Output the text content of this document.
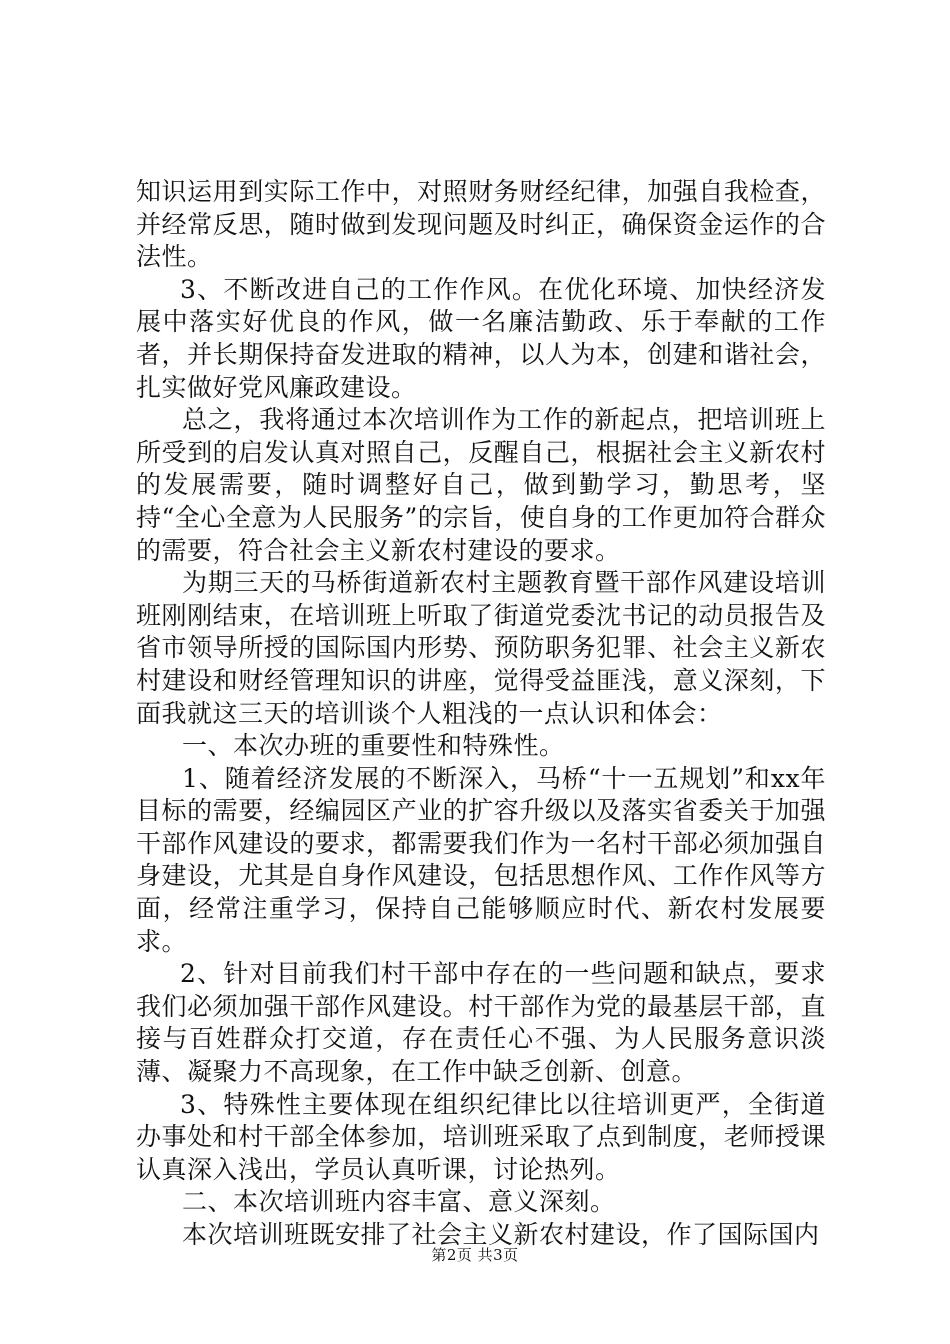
知识运用到实际工作中，对照财务财经纪律，加强自我检查，并经常反思，随时做到发现问题及时纠正，确保资金运作的合法性。

3、不断改进自己的工作作风。在优化环境、加快经济发展中落实好优良的作风，做一名廉洁勤政、乐于奉献的工作者，并长期保持奋发进取的精神，以人为本，创建和谐社会，扎实做好党风廉政建设。

总之，我将通过本次培训作为工作的新起点，把培训班上所受到的启发认真对照自己，反醒自己，根据社会主义新农村的发展需要，随时调整好自己，做到勤学习，勤思考，坚持“全心全意为人民服务”的宗旨，使自身的工作更加符合群众的需要，符合社会主义新农村建设的要求。

为期三天的马桥街道新农村主题教育暨干部作风建设培训班刚刚结束，在培训班上听取了街道党委沈书记的动员报告及省市领导所授的国际国内形势、预防职务犯罪、社会主义新农村建设和财经管理知识的讲座，觉得受益匪浅，意义深刻，下面我就这三天的培训谈个人粗浅的一点认识和体会：

一、本次办班的重要性和特殊性。

1、随着经济发展的不断深入，马桥“十一五规划”和xx年目标的需要，经编园区产业的扩容升级以及落实省委关于加强干部作风建设的要求，都需要我们作为一名村干部必须加强自身建设，尤其是自身作风建设，包括思想作风、工作作风等方面，经常注重学习，保持自己能够顺应时代、新农村发展要求。

2、针对目前我们村干部中存在的一些问题和缺点，要求我们必须加强干部作风建设。村干部作为党的最基层干部，直接与百姓群众打交道，存在责任心不强、为人民服务意识淡薄、凝聚力不高现象，在工作中缺乏创新、创意。

3、特殊性主要体现在组织纪律比以往培训更严，全街道办事处和村干部全体参加，培训班采取了点到制度，老师授课认真深入浅出，学员认真听课，讨论热列。

二、本次培训班内容丰富、意义深刻。

本次培训班既安排了社会主义新农村建设，作了国际国内

第2页 共3页
